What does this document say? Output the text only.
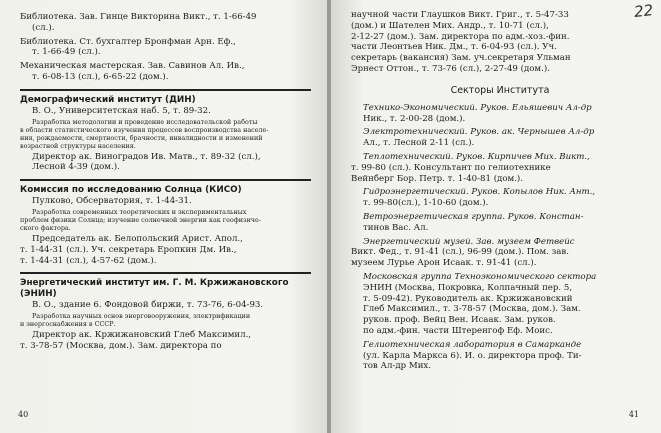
Библиотека. Зав. Гинце Викторина Викт., т. 1-66-49

(сл.).

Библиотека. Ст. бухгалтер Бронфман Арн. Еф.,

т. 1-66-49 (сл.).

Механическая мастерская. Зав. Савинов Ал. Ив.,

т. 6-08-13 (сл.), 6-65-22 (дом.).

Демографический институт (ДИН)

В. О., Университетская наб. 5, т. 89-32.

Разработка методологии и проведение исследовательской работы

в области статистического изучения процессов воспроизводства населе-

ния, рождаемости, смертности, брачности, инвалидности и изменений

возрастной структуры населения.

Директор ак. Виноградов Ив. Матв., т. 89-32 (сл.),

Лесной 4-39 (дом.).

Комиссия по исследованию Солнца (КИСО)

Пулково, Обсерватория, т. 1-44-31.

Разработка современных теоретических и экспериментальных

проблем физики Солнца; изучение солнечной энергии как геофизиче-

ского фактора.

Председатель ак. Белопольский Арист. Апол.,

т. 1-44-31 (сл.). Уч. секретарь Еропкин Дм. Ив.,

т. 1-44-31 (сл.), 4-57-62 (дом.).

Энергетический институт им. Г. М. Кржижановского

(ЭНИН)

В. О., здание 6. Фондовой биржи, т. 73-76, 6-04-93.

Разработка научных основ энерговооружения, электрификации

и энергоснабжения в СССР.

Директор ак. Кржижановский Глеб Максимил.,

т. 3-78-57 (Москва, дом.). Зам. директора по

40
22

научной части Глаушков Викт. Григ., т. 5-47-33

(дом.) и Шателен Мих. Андр., т. 10-71 (сл.),

2-12-27 (дом.). Зам. директора по адм.-хоз.-фин.

части Леонтьев Ник. Дм., т. 6-04-93 (сл.). Уч.

секретарь (вакансия) Зам. уч.секретаря Ульман

Эрнест Оттон., т. 73-76 (сл.), 2-27-49 (дом.).

Секторы Института

Технико-Экономический. Руков. Ельяшевич Ал-др

Ник., т. 2-00-28 (дом.).

Электротехнический. Руков. ак. Чернышев Ал-др

Ал., т. Лесной 2-11 (сл.).

Теплотехнический. Руков. Кирпичев Мих. Викт.,

т. 99-80 (сл.). Консультант по гелиотехнике

Вейнберг Бор. Петр. т. 1-40-81 (дом.).

Гидроэнергетический. Руков. Копылов Ник. Ант.,

т. 99-80(сл.), 1-10-60 (дом.).

Ветроэнергетическая группа. Руков. Констан-

тинов Вас. Ал.

Энергетический музей. Зав. музеем Фетвейс

Викт. Фед., т. 91-41 (сл.), 96-99 (дом.). Пом. зав.

музеем Лурье Арон Исаак. т. 91-41 (сл.).

Московская группа Техноэкономического сектора

ЭНИН (Москва, Покровка, Колпачный пер. 5,

т. 5-09-42). Руководитель ак. Кржижановский

Глеб Максимил., т. 3-78-57 (Москва, дом.). Зам.

руков. проф. Вейц Вен. Исаак. Зам. руков.

по адм.-фин. части Штеренгоф Еф. Моис.

Гелиотехническая лаборатория в Самарканде

(ул. Карла Маркса 6). И. о. директора проф. Ти-

тов Ал-др Мих.

41
